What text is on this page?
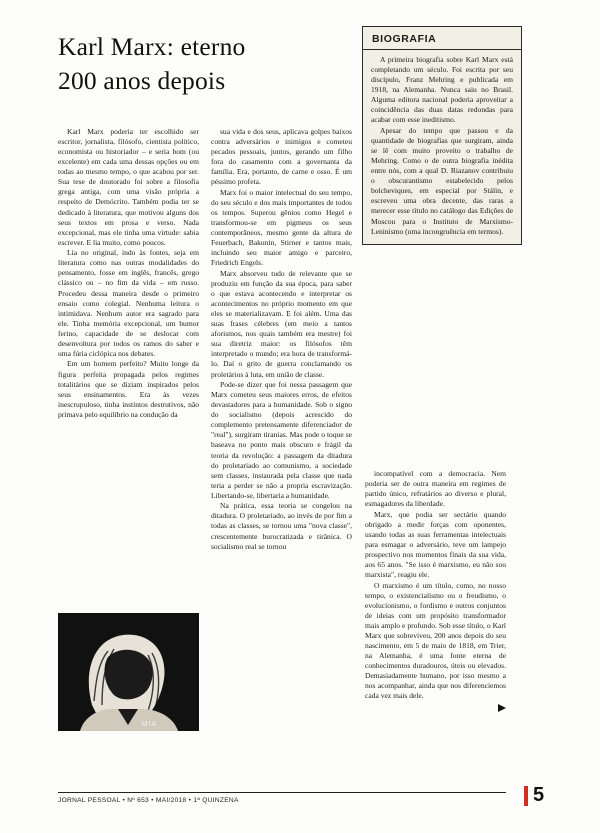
Karl Marx: eterno
200 anos depois
BIOGRAFIA

A primeira biografia sobre Karl Marx está completando um século. Foi escrita por seu discípulo, Franz Mehring e publicada em 1918, na Alemanha. Nunca saiu no Brasil. Alguma editora nacional poderia aproveitar a coincidência das duas datas redondas para acabar com esse ineditismo.

Apesar do tempo que passou e da quantidade de biografias que surgiram, ainda se lê com muito proveito o trabalho de Mehring. Como o de outra biografia inédita entre nós, com a qual D. Riazanov contribuiu o obscurantismo estabelecido pelos bolcheviques, em especial por Stálin, e escreveu uma obra decente, das raras a merecer esse título no catálogo das Edições de Moscou para o Instituto de Marxismo-Leninismo (uma incongruência em termos).

Karl Marx poderia ter escolhido ser escritor, jornalista, filósofo, cientista político, economista ou historiador – e seria bom (ou excelente) em cada uma dessas opções ou em todas ao mesmo tempo, o que acabou por ser. Sua tese de doutorado foi sobre a filosofia grega antiga, com uma visão própria a respeito de Demócrito. Também podia ter se dedicado à literatura, que motivou alguns dos seus textos em prosa e verso. Nada excepcional, mas ele tinha uma virtude: sabia escrever. E lia muito, como poucos.

Lia no original, indo às fontes, seja em literatura como nas outras modalidades do pensamento, fosse em inglês, francês, grego clássico ou – no fim da vida – em russo. Procedeu dessa maneira desde o primeiro ensaio como colegial. Nenhuma leitura o intimidava. Nenhum autor era sagrado para ele. Tinha memória excepcional, um humor ferino, capacidade de se deslocar com desenvoltura por todos os ramos do saber e uma fúria ciclópica nos debates.

Em um homem perfeito? Muito longe da figura perfeita propagada pelos regimes totalitários que se diziam inspirados pelos seus ensinamentos. Era às vezes inescrupuloso, tinha instintos destrutivos, não primava pelo equilíbrio na condução da

sua vida e dos seus, aplicava golpes baixos contra adversários e inimigos e cometeu pecados pessoais, juntos, gerando um filho fora do casamento com a governanta da família. Era, portanto, de carne e osso. É um péssimo profeta.

Marx foi o maior intelectual do seu tempo, do seu século e dos mais importantes de todos os tempos. Superou gênios como Hegel e transformou-se em pigmeus os seus contemporâneos, mesmo gente da altura de Feuerbach, Bakunin, Stirner e tantos mais, incluindo seu maior amigo e parceiro, Friedrich Engels.

Marx absorveu tudo de relevante que se produziu em função da sua época, para saber o que estava acontecendo e interpretar os acontecimentos no próprio momento em que eles se materializavam. E foi além. Uma das suas frases célebres (em meio a tantos aforismos, nos quais também era mestre) foi sua diretriz maior: os filósofos têm interpretado o mundo; era hora de transformá-lo. Daí o grito de guerra conclamando os proletários à luta, em união de classe.

Pode-se dizer que foi nessa passagem que Marx cometeu seus maiores erros, de efeitos devastadores para a humanidade. Sob o signo do socialismo (depois acrescido do complemento pretensamente diferenciador de "real"), surgiram tiranias. Mas pode o toque se baseava no ponto mais obscuro e frágil da teoria da revolução: a passagem da ditadura do proletariado ao comunismo, a sociedade sem classes, instaurada pela classe que nada teria a perder se não a propria escravização. Libertando-se, libertaria a humanidade.

Na prática, essa teoria se congelou na ditadura. O proletariado, ao invés de por fim a todas as classes, se tornou uma "nova classe", crescentemente burocratizada e tirânica. O socialismo real se tornou

incompatível com a democracia. Nem poderia ser de outra maneira em regimes de partido único, refratários ao diverso e plural, esmagadores da liberdade.

Marx, que podia ser sectário quando obrigado a medir forças com oponentes, usando todas as suas ferramentas intelectuais para esmagar o adversário, teve um lampejo prospectivo nos momentos finais da sua vida, aos 65 anos. "Se isso é marxismo, eu não sou marxista", reagiu ele.

O marxismo é um título, como, no nosso tempo, o existencialismo ou o freudismo, o evolucionismo, o fordismo e outros conjuntos de ideias com um propósito transformador mais amplo e profundo. Sob esse título, o Karl Marx que sobreviveu, 200 anos depois do seu nascimento, em 5 de maio de 1818, em Trier, na Alemanha, é uma fonte eterna de conhecimentos duradouros, úteis ou elevados. Demasiadamente humano, por isso mesmo a nos acompanhar, ainda que nos diferenciemos cada vez mais dele.

MIA
JORNAL PESSOAL • Nº 653 • MAI/2018 • 1ª QUINZENA	5
